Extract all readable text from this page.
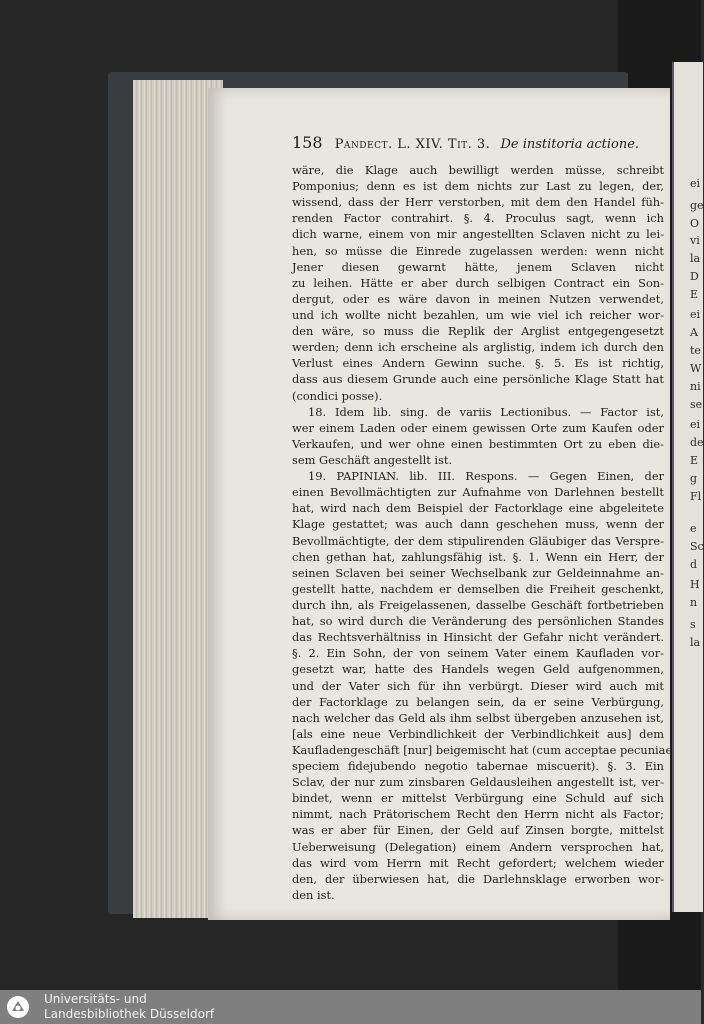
158 Pandect. L. XIV. Tit. 3. De institoria actione.
wäre, die Klage auch bewilligt werden müsse, schreibt
Pomponius; denn es ist dem nichts zur Last zu legen, der,
wissend, dass der Herr verstorben, mit dem den Handel füh-
renden Factor contrahirt. §. 4. Proculus sagt, wenn ich
dich warne, einem von mir angestellten Sclaven nicht zu lei-
hen, so müsse die Einrede zugelassen werden: wenn nicht
Jener diesen gewarnt hätte, jenem Sclaven nicht
zu leihen. Hätte er aber durch selbigen Contract ein Son-
dergut, oder es wäre davon in meinen Nutzen verwendet,
und ich wollte nicht bezahlen, um wie viel ich reicher wor-
den wäre, so muss die Replik der Arglist entgegengesetzt
werden; denn ich erscheine als arglistig, indem ich durch den
Verlust eines Andern Gewinn suche. §. 5. Es ist richtig,
dass aus diesem Grunde auch eine persönliche Klage Statt hat
(condici posse).
18. Idem lib. sing. de variis Lectionibus. — Factor ist,
wer einem Laden oder einem gewissen Orte zum Kaufen oder
Verkaufen, und wer ohne einen bestimmten Ort zu eben die-
sem Geschäft angestellt ist.
19. PAPINIAN. lib. III. Respons. — Gegen Einen, der
einen Bevollmächtigten zur Aufnahme von Darlehnen bestellt
hat, wird nach dem Beispiel der Factorklage eine abgeleitete
Klage gestattet; was auch dann geschehen muss, wenn der
Bevollmächtigte, der dem stipulirenden Gläubiger das Verspre-
chen gethan hat, zahlungsfähig ist. §. 1. Wenn ein Herr, der
seinen Sclaven bei seiner Wechselbank zur Geldeinnahme an-
gestellt hatte, nachdem er demselben die Freiheit geschenkt,
durch ihn, als Freigelassenen, dasselbe Geschäft fortbetrieben
hat, so wird durch die Veränderung des persönlichen Standes
das Rechtsverhältniss in Hinsicht der Gefahr nicht verändert.
§. 2. Ein Sohn, der von seinem Vater einem Kaufladen vor-
gesetzt war, hatte des Handels wegen Geld aufgenommen,
und der Vater sich für ihn verbürgt. Dieser wird auch mit
der Factorklage zu belangen sein, da er seine Verbürgung,
nach welcher das Geld als ihm selbst übergeben anzusehen ist,
[als eine neue Verbindlichkeit der Verbindlichkeit aus] dem
Kaufladengeschäft [nur] beigemischt hat (cum acceptae pecuniae
speciem fidejubendo negotio tabernae miscuerit). §. 3. Ein
Sclav, der nur zum zinsbaren Geldausleihen angestellt ist, ver-
bindet, wenn er mittelst Verbürgung eine Schuld auf sich
nimmt, nach Prätorischem Recht den Herrn nicht als Factor;
was er aber für Einen, der Geld auf Zinsen borgte, mittelst
Ueberweisung (Delegation) einem Andern versprochen hat,
das wird vom Herrn mit Recht gefordert; welchem wieder
den, der überwiesen hat, die Darlehnsklage erworben wor-
den ist.
ei
ge
O
vi
la
D
E
ei
A
te
W
ni
se
ei
de
E
g
Fl
e
Sc
d
H
n
s
la
Universitäts- und
Landesbibliothek Düsseldorf
